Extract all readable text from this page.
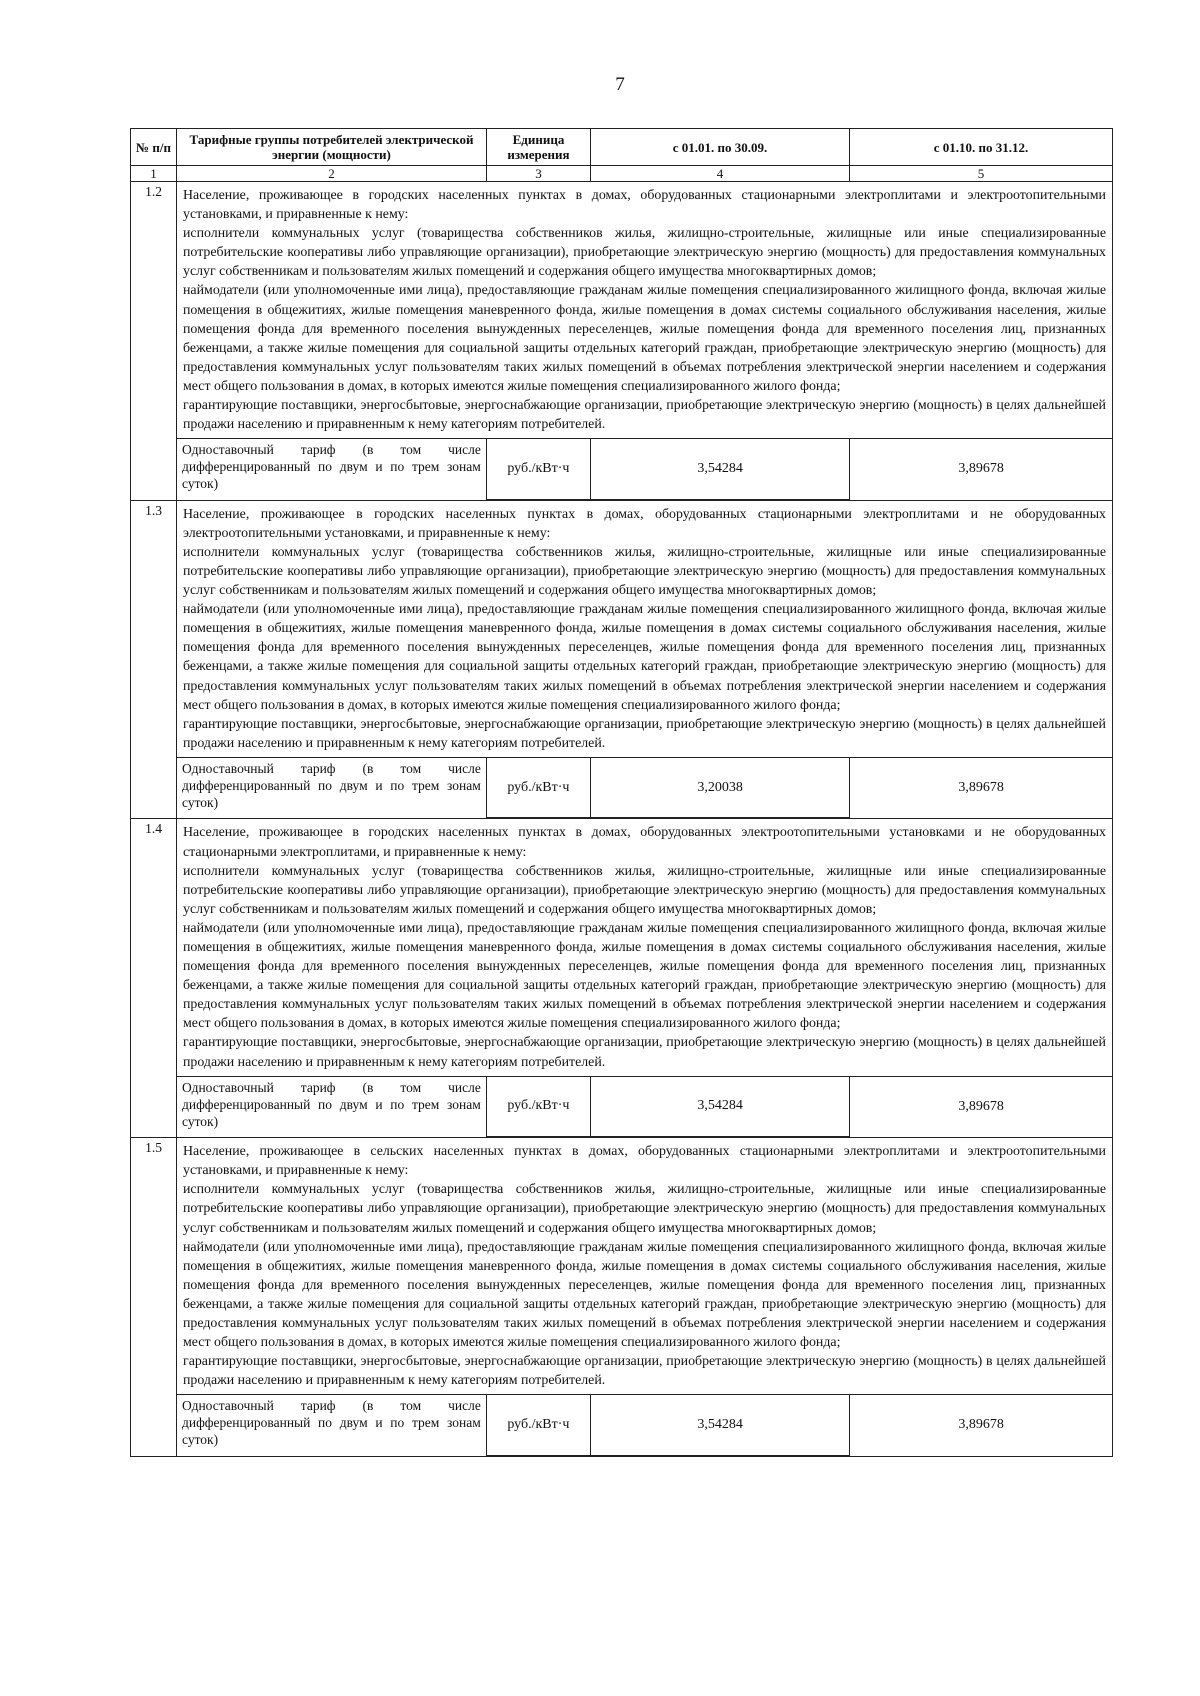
7
№ п/п	Тарифные группы потребителей электрической энергии (мощности)	Единица измерения	с 01.01. по 30.09.	с 01.10. по 31.12.
1	2	3	4	5
1.2	Население, проживающее в городских населенных пунктах в домах, оборудованных стационарными электроплитами и электроотопительными установками, и приравненные к нему:

исполнители коммунальных услуг (товарищества собственников жилья, жилищно-строительные, жилищные или иные специализированные потребительские кооперативы либо управляющие организации), приобретающие электрическую энергию (мощность) для предоставления коммунальных услуг собственникам и пользователям жилых помещений и содержания общего имущества многоквартирных домов;

наймодатели (или уполномоченные ими лица), предоставляющие гражданам жилые помещения специализированного жилищного фонда, включая жилые помещения в общежитиях, жилые помещения маневренного фонда, жилые помещения в домах системы социального обслуживания населения, жилые помещения фонда для временного поселения вынужденных переселенцев, жилые помещения фонда для временного поселения лиц, признанных беженцами, а также жилые помещения для социальной защиты отдельных категорий граждан, приобретающие электрическую энергию (мощность) для предоставления коммунальных услуг пользователям таких жилых помещений в объемах потребления электрической энергии населением и содержания мест общего пользования в домах, в которых имеются жилые помещения специализированного жилого фонда;

гарантирующие поставщики, энергосбытовые, энергоснабжающие организации, приобретающие электрическую энергию (мощность) в целях дальнейшей продажи населению и приравненным к нему категориям потребителей.

Одноставочный тариф (в том числе дифференцированный по двум и по трем зонам суток)	руб./кВт·ч	3,54284	3,89678

1.3	Население, проживающее в городских населенных пунктах в домах, оборудованных стационарными электроплитами и не оборудованных электроотопительными установками, и приравненные к нему:

исполнители коммунальных услуг (товарищества собственников жилья, жилищно-строительные, жилищные или иные специализированные потребительские кооперативы либо управляющие организации), приобретающие электрическую энергию (мощность) для предоставления коммунальных услуг собственникам и пользователям жилых помещений и содержания общего имущества многоквартирных домов;

наймодатели (или уполномоченные ими лица), предоставляющие гражданам жилые помещения специализированного жилищного фонда, включая жилые помещения в общежитиях, жилые помещения маневренного фонда, жилые помещения в домах системы социального обслуживания населения, жилые помещения фонда для временного поселения вынужденных переселенцев, жилые помещения фонда для временного поселения лиц, признанных беженцами, а также жилые помещения для социальной защиты отдельных категорий граждан, приобретающие электрическую энергию (мощность) для предоставления коммунальных услуг пользователям таких жилых помещений в объемах потребления электрической энергии населением и содержания мест общего пользования в домах, в которых имеются жилые помещения специализированного жилого фонда;

гарантирующие поставщики, энергосбытовые, энергоснабжающие организации, приобретающие электрическую энергию (мощность) в целях дальнейшей продажи населению и приравненным к нему категориям потребителей.

Одноставочный тариф (в том числе дифференцированный по двум и по трем зонам суток)	руб./кВт·ч	3,20038	3,89678

1.4	Население, проживающее в городских населенных пунктах в домах, оборудованных электроотопительными установками и не оборудованных стационарными электроплитами, и приравненные к нему:

исполнители коммунальных услуг (товарищества собственников жилья, жилищно-строительные, жилищные или иные специализированные потребительские кооперативы либо управляющие организации), приобретающие электрическую энергию (мощность) для предоставления коммунальных услуг собственникам и пользователям жилых помещений и содержания общего имущества многоквартирных домов;

наймодатели (или уполномоченные ими лица), предоставляющие гражданам жилые помещения специализированного жилищного фонда, включая жилые помещения в общежитиях, жилые помещения маневренного фонда, жилые помещения в домах системы социального обслуживания населения, жилые помещения фонда для временного поселения вынужденных переселенцев, жилые помещения фонда для временного поселения лиц, признанных беженцами, а также жилые помещения для социальной защиты отдельных категорий граждан, приобретающие электрическую энергию (мощность) для предоставления коммунальных услуг пользователям таких жилых помещений в объемах потребления электрической энергии населением и содержания мест общего пользования в домах, в которых имеются жилые помещения специализированного жилого фонда;

гарантирующие поставщики, энергосбытовые, энергоснабжающие организации, приобретающие электрическую энергию (мощность) в целях дальнейшей продажи населению и приравненным к нему категориям потребителей.

Одноставочный тариф (в том числе дифференцированный по двум и по трем зонам суток)	руб./кВт·ч	3,54284	3,89678

1.5	Население, проживающее в сельских населенных пунктах в домах, оборудованных стационарными электроплитами и электроотопительными установками, и приравненные к нему:

исполнители коммунальных услуг (товарищества собственников жилья, жилищно-строительные, жилищные или иные специализированные потребительские кооперативы либо управляющие организации), приобретающие электрическую энергию (мощность) для предоставления коммунальных услуг собственникам и пользователям жилых помещений и содержания общего имущества многоквартирных домов;

наймодатели (или уполномоченные ими лица), предоставляющие гражданам жилые помещения специализированного жилищного фонда, включая жилые помещения в общежитиях, жилые помещения маневренного фонда, жилые помещения в домах системы социального обслуживания населения, жилые помещения фонда для временного поселения вынужденных переселенцев, жилые помещения фонда для временного поселения лиц, признанных беженцами, а также жилые помещения для социальной защиты отдельных категорий граждан, приобретающие электрическую энергию (мощность) для предоставления коммунальных услуг пользователям таких жилых помещений в объемах потребления электрической энергии населением и содержания мест общего пользования в домах, в которых имеются жилые помещения специализированного жилого фонда;

гарантирующие поставщики, энергосбытовые, энергоснабжающие организации, приобретающие электрическую энергию (мощность) в целях дальнейшей продажи населению и приравненным к нему категориям потребителей.

Одноставочный тариф (в том числе дифференцированный по двум и по трем зонам суток)	руб./кВт·ч	3,54284	3,89678
